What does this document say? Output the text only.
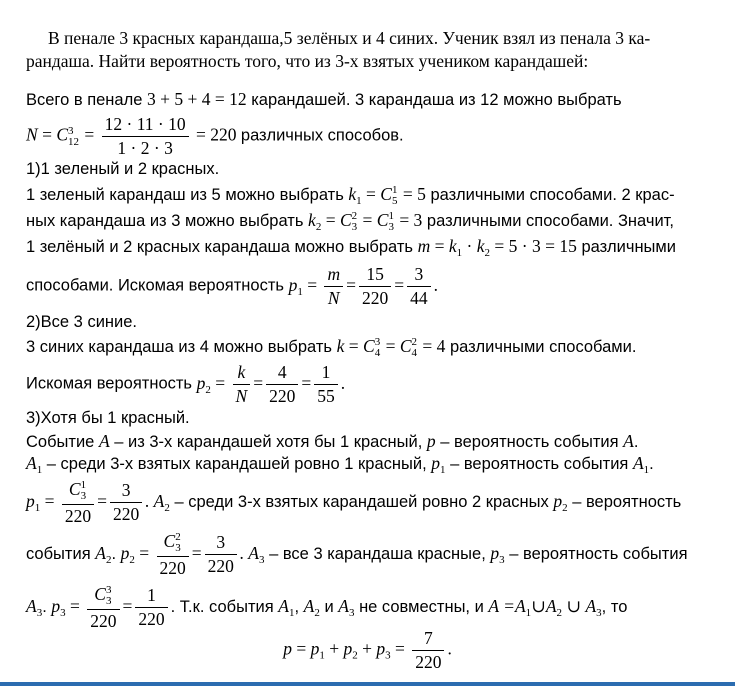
В пенале 3 красных карандаша,5 зелёных и 4 синих. Ученик взял из пенала 3 ка-
рандаша. Найти вероятность того, что из 3-х взятых учеником карандашей:
Всего в пенале 3 + 5 + 4 = 12 карандашей. 3 карандаша из 12 можно выбрать
N = C 3
$12 = \frac{12 \cdot 11 \cdot 10}{1 \cdot 2 \cdot 3} = 220$ различных способов.
1)1 зеленый и 2 красных.
1 зеленый карандаш из 5 можно выбрать $k_1 = C$ 1
5 = 5 различными способами. 2 крас-
ных карандаша из 3 можно выбрать $k_2 = C$ 2
3 = C 1
3 = 3 различными способами. Значит,
1 зелёный и 2 красных карандаша можно выбрать $m = k_1 \cdot k_2 = 5 \cdot 3 = 15$ различными
способами. Искомая вероятность $p_1 = \frac{m}{N} = \frac{15}{220} = \frac{3}{44}$ .
2)Все 3 синие.
3 синих карандаша из 4 можно выбрать k = C 3
4 = C 2
4 = 4 различными способами.
Искомая вероятность $p_2 = \frac{k}{N} = \frac{4}{220} = \frac{1}{55}$ .
3)Хотя бы 1 красный.
Событие A – из 3-х карандашей хотя бы 1 красный, p – вероятность события A.
$A_1$ – среди 3-х взятых карандашей ровно 1 красный, $p_1$ – вероятность события $A_1$.
$p_1 = C$ 1
3
$220 = \frac{3}{220}$ . $A_2$ – среди 3-х взятых карандашей ровно 2 красных $p_2$ – вероятность
события $A_2$. $p_2 = C$ 2
3
$220 = \frac{3}{220}$ . $A_3$ – все 3 карандаша красные, $p_3$ – вероятность события
$A_3$. $p_3 = C$ 3
3
$220 = \frac{1}{220}$ . Т.к. события $A_1$, $A_2$ и $A_3$ не совместны, и $A =A_1\cup A_2$ ∪ $A_3$, то
$p = p_1 + p_2 + p_3 = \frac{7}{220}$ .
